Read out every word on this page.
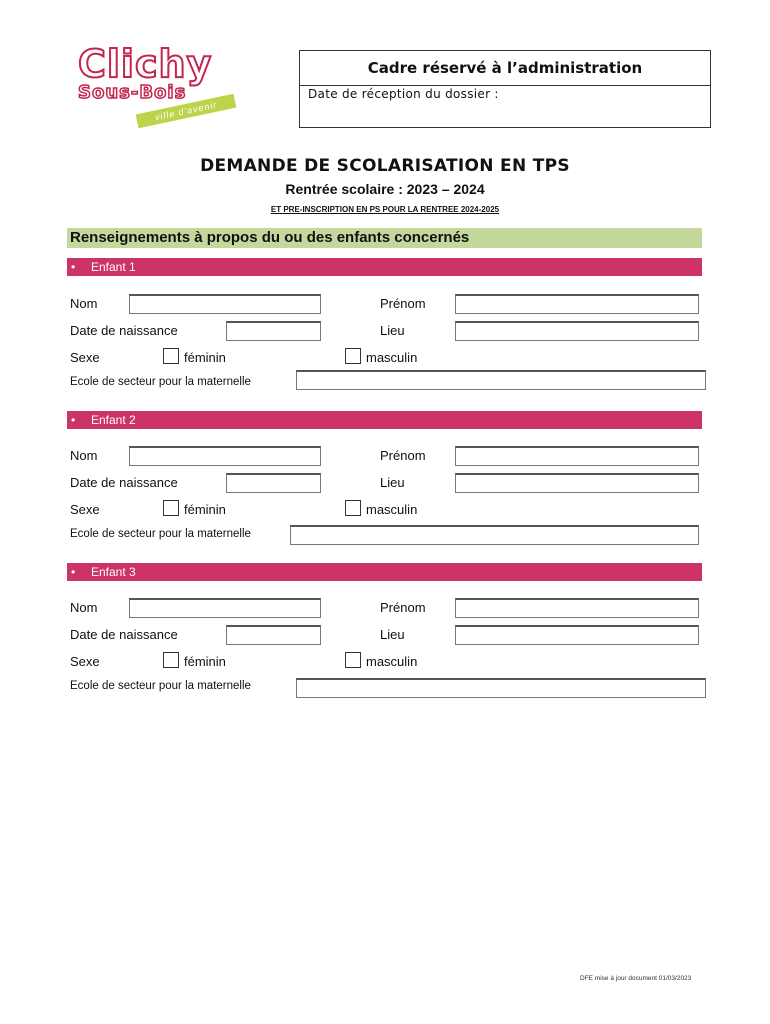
Clichy
Sous-Bois
ville d'avenir
Cadre réservé à l’administration
Date de réception du dossier :
DEMANDE DE SCOLARISATION EN TPS
Rentrée scolaire : 2023 – 2024
ET PRE-INSCRIPTION EN PS POUR LA RENTREE 2024-2025
Renseignements à propos du ou des enfants concernés
• Enfant 1
Nom	Prénom
Date de naissance	Lieu
Sexe	féminin	masculin
Ecole de secteur pour la maternelle
• Enfant 2
Nom	Prénom
Date de naissance	Lieu
Sexe	féminin	masculin
Ecole de secteur pour la maternelle
• Enfant 3
Nom	Prénom
Date de naissance	Lieu
Sexe	féminin	masculin
Ecole de secteur pour la maternelle
DFE mise à jour document 01/03/2023
